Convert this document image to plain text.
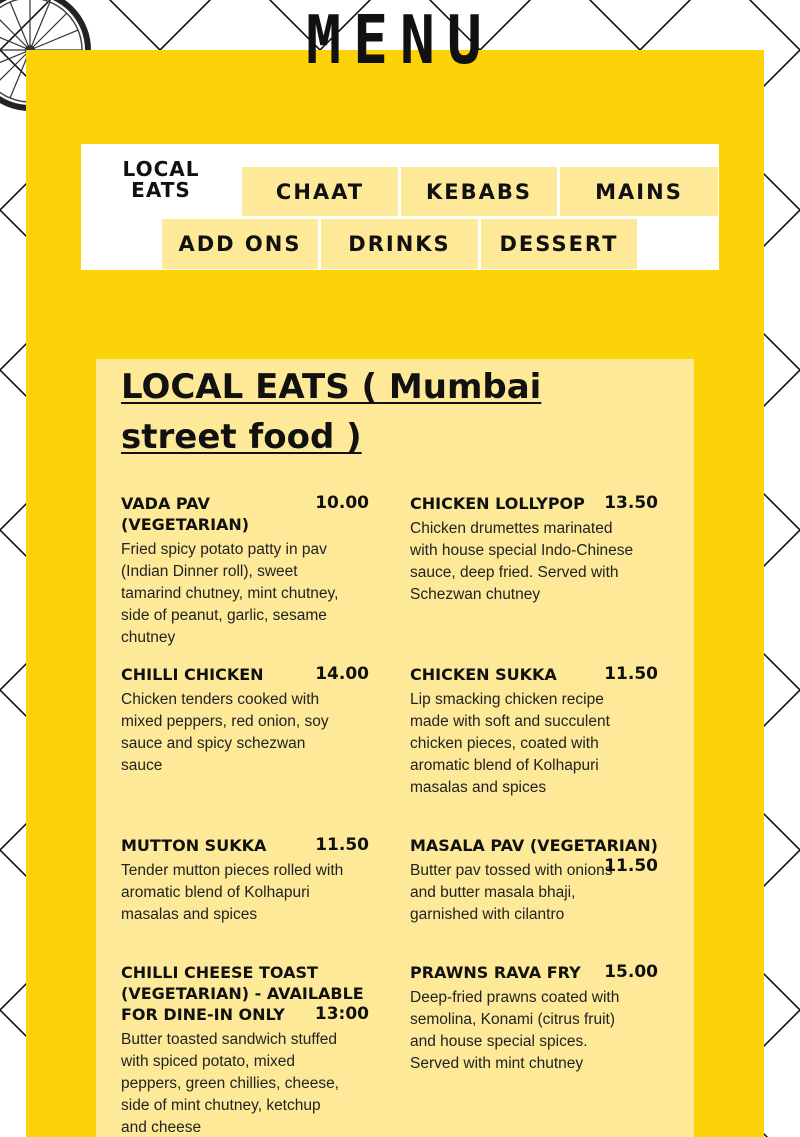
MENU
LOCAL EATS	CHAAT	KEBABS	MAINS
ADD ONS	DRINKS	DESSERT
LOCAL EATS ( Mumbai street food )
VADA PAV (VEGETARIAN)
10.00
Fried spicy potato patty in pav (Indian Dinner roll), sweet tamarind chutney, mint chutney, side of peanut, garlic, sesame chutney
CHICKEN LOLLYPOP	13.50
Chicken drumettes marinated with house special Indo-Chinese sauce, deep fried. Served with Schezwan chutney
CHILLI CHICKEN	14.00
Chicken tenders cooked with mixed peppers, red onion, soy sauce and spicy schezwan sauce
CHICKEN SUKKA	11.50
Lip smacking chicken recipe made with soft and succulent chicken pieces, coated with aromatic blend of Kolhapuri masalas and spices
MUTTON SUKKA	11.50
Tender mutton pieces rolled with aromatic blend of Kolhapuri masalas and spices
MASALA PAV (VEGETARIAN)
11.50
Butter pav tossed with onions and butter masala bhaji, garnished with cilantro
CHILLI CHEESE TOAST (VEGETARIAN) - AVAILABLE FOR DINE-IN ONLY	13:00
Butter toasted sandwich stuffed with spiced potato, mixed peppers, green chillies, cheese, side of mint chutney, ketchup and cheese
PRAWNS RAVA FRY	15.00
Deep-fried prawns coated with semolina, Konami (citrus fruit) and house special spices. Served with mint chutney
